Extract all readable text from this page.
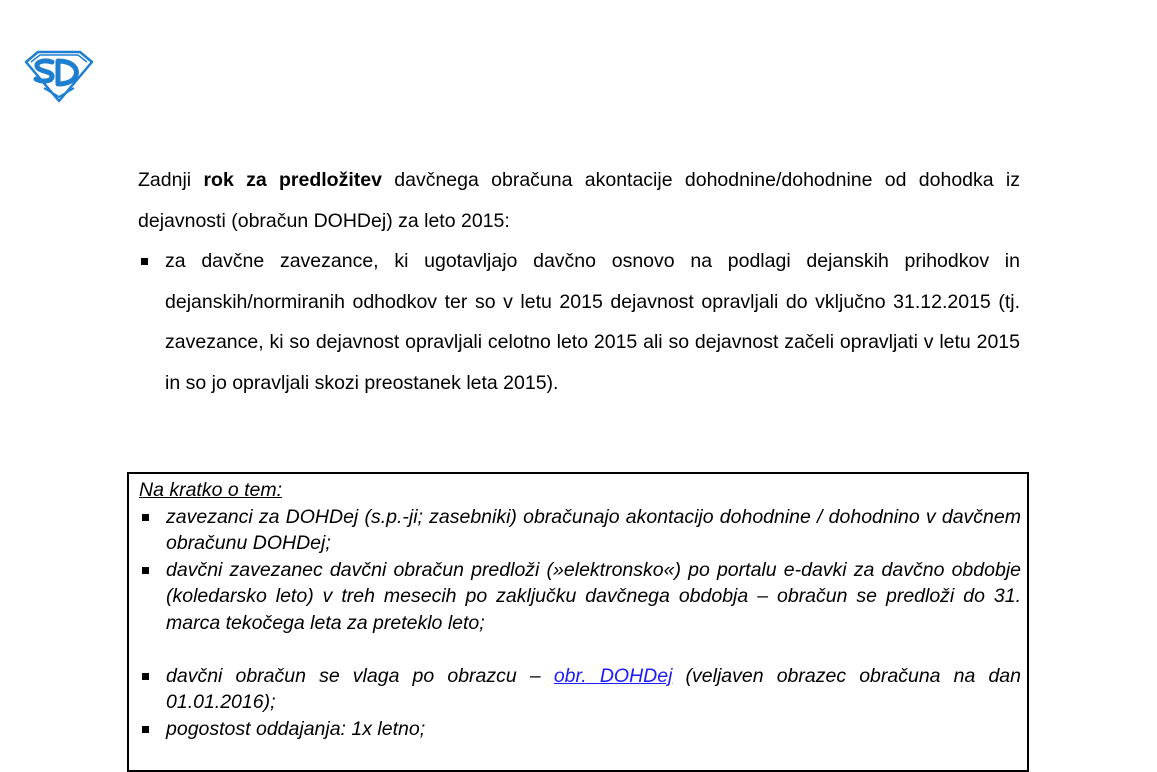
Zadnji rok za predložitev davčnega obračuna akontacije dohodnine/dohodnine od dohodka iz dejavnosti (obračun DOHDej) za leto 2015:

za davčne zavezance, ki ugotavljajo davčno osnovo na podlagi dejanskih prihodkov in dejanskih/normiranih odhodkov ter so v letu 2015 dejavnost opravljali do vključno 31.12.2015 (tj. zavezance, ki so dejavnost opravljali celotno leto 2015 ali so dejavnost začeli opravljati v letu 2015 in so jo opravljali skozi preostanek leta 2015).

Na kratko o tem:

zavezanci za DOHDej (s.p.-ji; zasebniki) obračunajo akontacijo dohodnine / dohodnino v davčnem obračunu DOHDej;
davčni zavezanec davčni obračun predloži (»elektronsko«) po portalu e-davki za davčno obdobje (koledarsko leto) v treh mesecih po zaključku davčnega obdobja – obračun se predloži do 31. marca tekočega leta za preteklo leto;
davčni obračun se vlaga po obrazcu – obr. DOHDej (veljaven obrazec obračuna na dan 01.01.2016);
pogostost oddajanja: 1x letno;
